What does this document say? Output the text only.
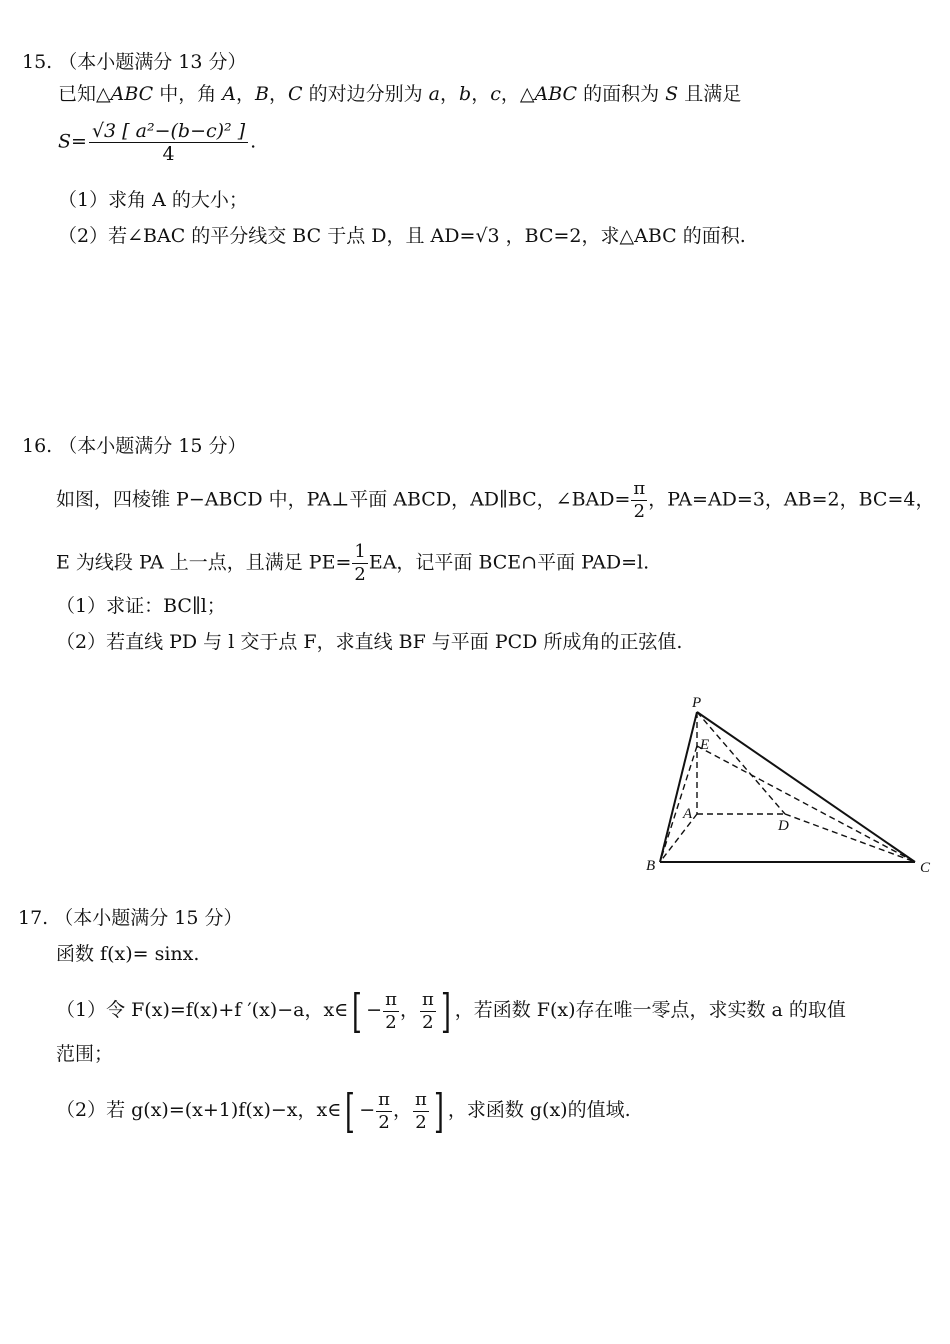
15. （本小题满分 13 分）
已知△ABC 中，角 A，B，C 的对边分别为 a，b，c，△ABC 的面积为 S 且满足
$S= \frac{\text{√3 [ a²−(b−c)² ]}}{4}$ .
（1）求角 A 的大小；
（2）若∠BAC 的平分线交 BC 于点 D，且 AD=√3 ，BC=2，求△ABC 的面积.
16. （本小题满分 15 分）
如图，四棱锥 P−ABCD 中，PA⊥平面 ABCD，AD∥BC，∠BAD= $\frac{\pi}{2}$ ，PA=AD=3，AB=2，BC=4，
E 为线段 PA 上一点，且满足 $PE= \frac{1}{2}$ EA，记平面 BCE∩平面 PAD=l.
（1）求证：BC∥l；
（2）若直线 PD 与 l 交于点 F，求直线 BF 与平面 PCD 所成角的正弦值.
P
E
A
D
B	C
17. （本小题满分 15 分）
函数 f(x)= sinx.
（1）令 F(x)=f(x)+f ′(x)−a，x∈[ − $\frac{\pi}{2}$ ， $\frac{\pi}{2}$ ] ，若函数 F(x)存在唯一零点，求实数 a 的取值
范围；
（2）若 g(x)=(x+1)f(x)−x，x∈[ − $\frac{\pi}{2}$ ， $\frac{\pi}{2}$ ] ，求函数 g(x)的值域.
